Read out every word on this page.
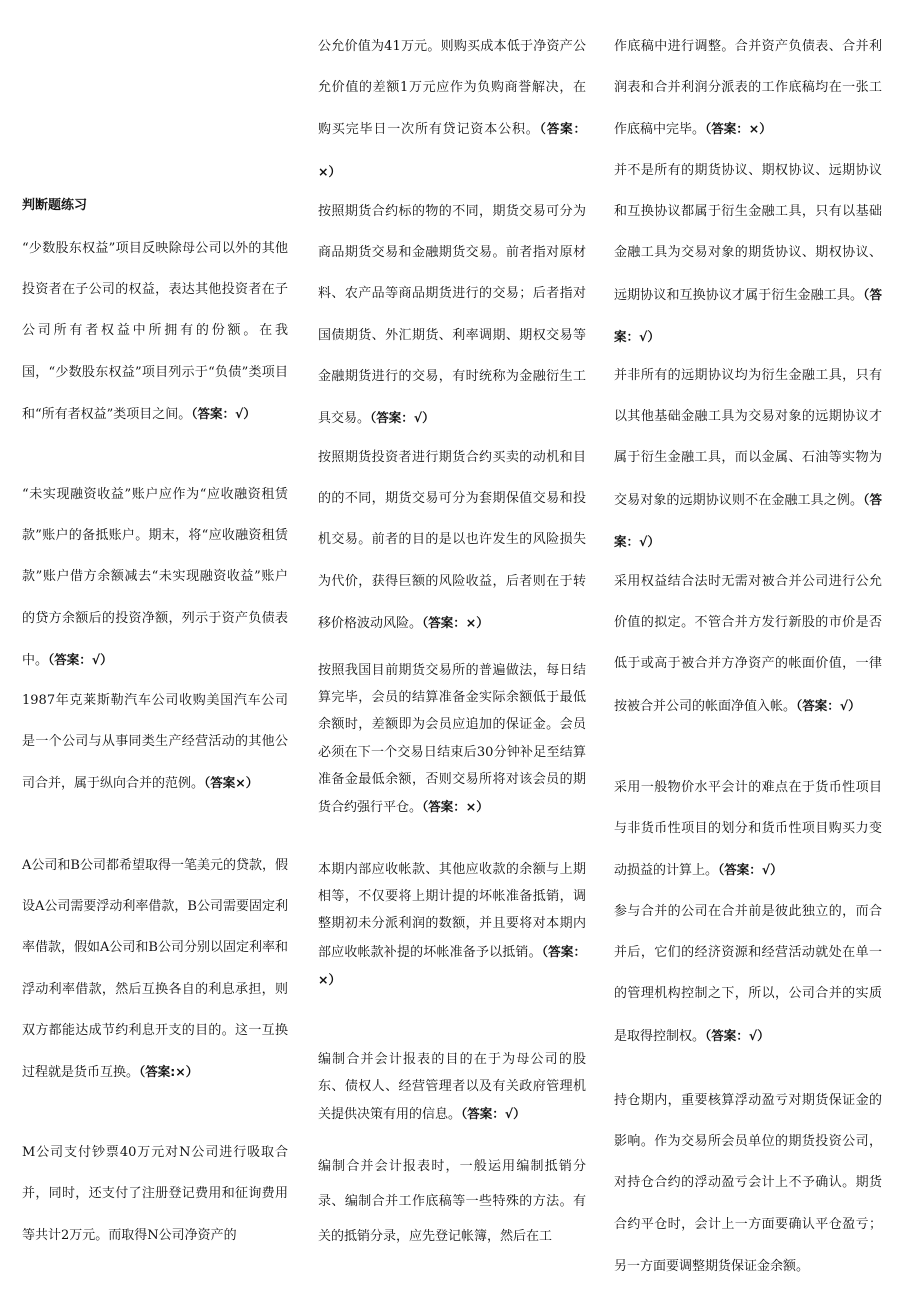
判断题练习
“少数股东权益”项目反映除母公司以外的其他投资者在子公司的权益，表达其他投资者在子公司所有者权益中所拥有的份额。在我国，“少数股东权益”项目列示于“负债”类项目和“所有者权益”类项目之间。（答案：√）
“未实现融资收益”账户应作为“应收融资租赁款”账户的备抵账户。期末，将“应收融资租赁款”账户借方余额减去“未实现融资收益”账户的贷方余额后的投资净额，列示于资产负债表中。（答案：√）
1987年克莱斯勒汽车公司收购美国汽车公司是一个公司与从事同类生产经营活动的其他公司合并，属于纵向合并的范例。（答案×）
A公司和B公司都希望取得一笔美元的贷款，假设A公司需要浮动利率借款，B公司需要固定利率借款，假如A公司和B公司分别以固定利率和浮动利率借款，然后互换各自的利息承担，则双方都能达成节约利息开支的目的。这一互换过程就是货币互换。（答案:×）
M公司支付钞票40万元对N公司进行吸取合并，同时，还支付了注册登记费用和征询费用等共计2万元。而取得N公司净资产的
公允价值为41万元。则购买成本低于净资产公允价值的差额1万元应作为负购商誉解决，在购买完毕日一次所有贷记资本公积。（答案：×）
按照期货合约标的物的不同，期货交易可分为商品期货交易和金融期货交易。前者指对原材料、农产品等商品期货进行的交易；后者指对国债期货、外汇期货、利率调期、期权交易等金融期货进行的交易，有时统称为金融衍生工具交易。（答案：√）
按照期货投资者进行期货合约买卖的动机和目的的不同，期货交易可分为套期保值交易和投机交易。前者的目的是以也许发生的风险损失为代价，获得巨额的风险收益，后者则在于转移价格波动风险。（答案：×）
按照我国目前期货交易所的普遍做法，每日结算完毕，会员的结算准备金实际余额低于最低余额时，差额即为会员应追加的保证金。会员必须在下一个交易日结束后30分钟补足至结算准备金最低余额，否则交易所将对该会员的期货合约强行平仓。（答案：×）
本期内部应收帐款、其他应收款的余额与上期相等，不仅要将上期计提的坏帐准备抵销，调整期初未分派利润的数额，并且要将对本期内部应收帐款补提的坏帐准备予以抵销。（答案：×）
编制合并会计报表的目的在于为母公司的股东、债权人、经营管理者以及有关政府管理机关提供决策有用的信息。（答案：√）
编制合并会计报表时，一般运用编制抵销分录、编制合并工作底稿等一些特殊的方法。有关的抵销分录，应先登记帐簿，然后在工
作底稿中进行调整。合并资产负债表、合并利润表和合并利润分派表的工作底稿均在一张工作底稿中完毕。（答案：×）
并不是所有的期货协议、期权协议、远期协议和互换协议都属于衍生金融工具，只有以基础金融工具为交易对象的期货协议、期权协议、远期协议和互换协议才属于衍生金融工具。（答案：√）
并非所有的远期协议均为衍生金融工具，只有以其他基础金融工具为交易对象的远期协议才属于衍生金融工具，而以金属、石油等实物为交易对象的远期协议则不在金融工具之例。（答案：√）
采用权益结合法时无需对被合并公司进行公允价值的拟定。不管合并方发行新股的市价是否低于或高于被合并方净资产的帐面价值，一律按被合并公司的帐面净值入帐。（答案：√）
采用一般物价水平会计的难点在于货币性项目与非货币性项目的划分和货币性项目购买力变动损益的计算上。（答案：√）
参与合并的公司在合并前是彼此独立的，而合并后，它们的经济资源和经营活动就处在单一的管理机构控制之下，所以，公司合并的实质是取得控制权。（答案：√）
持仓期内，重要核算浮动盈亏对期货保证金的影响。作为交易所会员单位的期货投资公司，对持仓合约的浮动盈亏会计上不予确认。期货合约平仓时，会计上一方面要确认平仓盈亏；另一方面要调整期货保证金余额。
